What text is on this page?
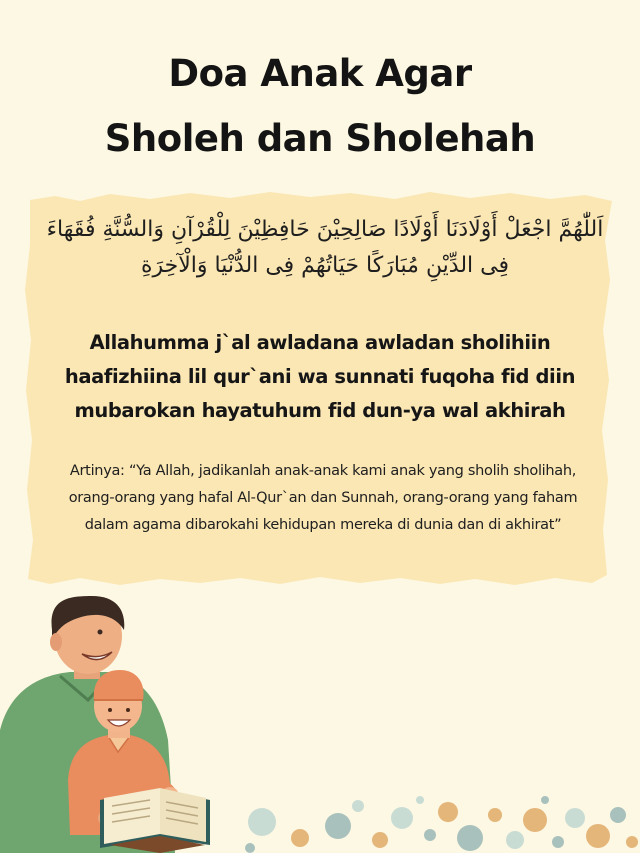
Doa Anak Agar
Sholeh dan Sholehah
اَللّٰهُمَّ اجْعَلْ أَوْلَادَنَا أَوْلَادًا صَالِحِيْنَ حَافِظِيْنَ لِلْقُرْآنِ وَالسُّنَّةِ فُقَهَاءَ فِى الدِّيْنِ مُبَارَكًا حَيَاتُهُمْ فِى الدُّنْيَا وَالْآخِرَةِ
Allahumma j`al awladana awladan sholihiin haafizhiina lil qur`ani wa sunnati fuqoha fid diin mubarokan hayatuhum fid dun-ya wal akhirah
Artinya: “Ya Allah, jadikanlah anak-anak kami anak yang sholih sholihah, orang-orang yang hafal Al-Qur`an dan Sunnah, orang-orang yang faham dalam agama dibarokahi kehidupan mereka di dunia dan di akhirat”
